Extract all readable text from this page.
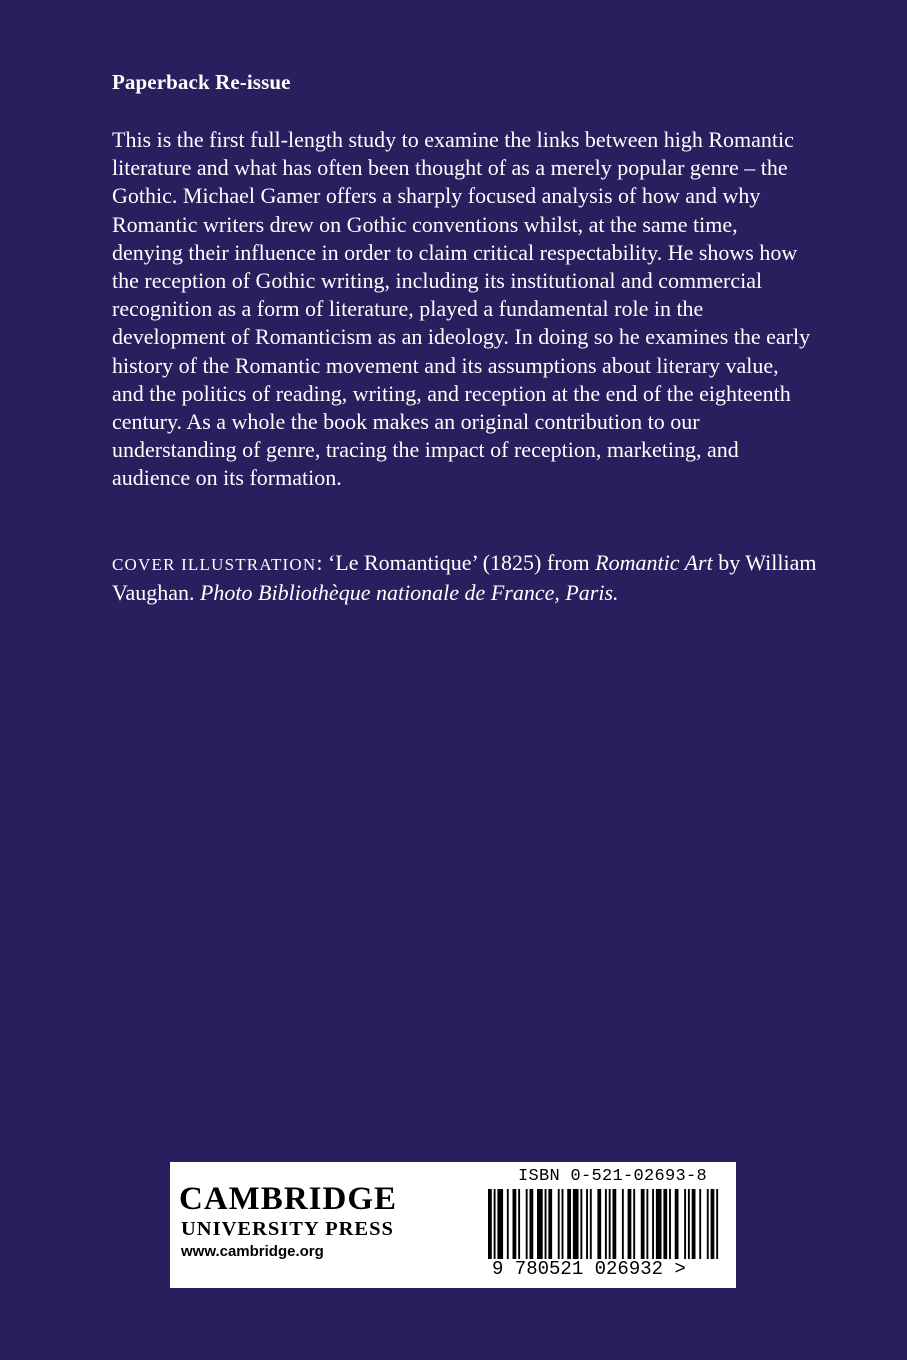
Paperback Re-issue

This is the first full-length study to examine the links between high Romantic literature and what has often been thought of as a merely popular genre – the Gothic. Michael Gamer offers a sharply focused analysis of how and why Romantic writers drew on Gothic conventions whilst, at the same time, denying their influence in order to claim critical respectability. He shows how the reception of Gothic writing, including its institutional and commercial recognition as a form of literature, played a fundamental role in the development of Romanticism as an ideology. In doing so he examines the early history of the Romantic movement and its assumptions about literary value, and the politics of reading, writing, and reception at the end of the eighteenth century. As a whole the book makes an original contribution to our understanding of genre, tracing the impact of reception, marketing, and audience on its formation.

COVER ILLUSTRATION: ‘Le Romantique’ (1825) from Romantic Art by William Vaughan. Photo Bibliothèque nationale de France, Paris.

CAMBRIDGE
UNIVERSITY PRESS
www.cambridge.org
ISBN 0-521-02693-8
9 780521 026932 >
